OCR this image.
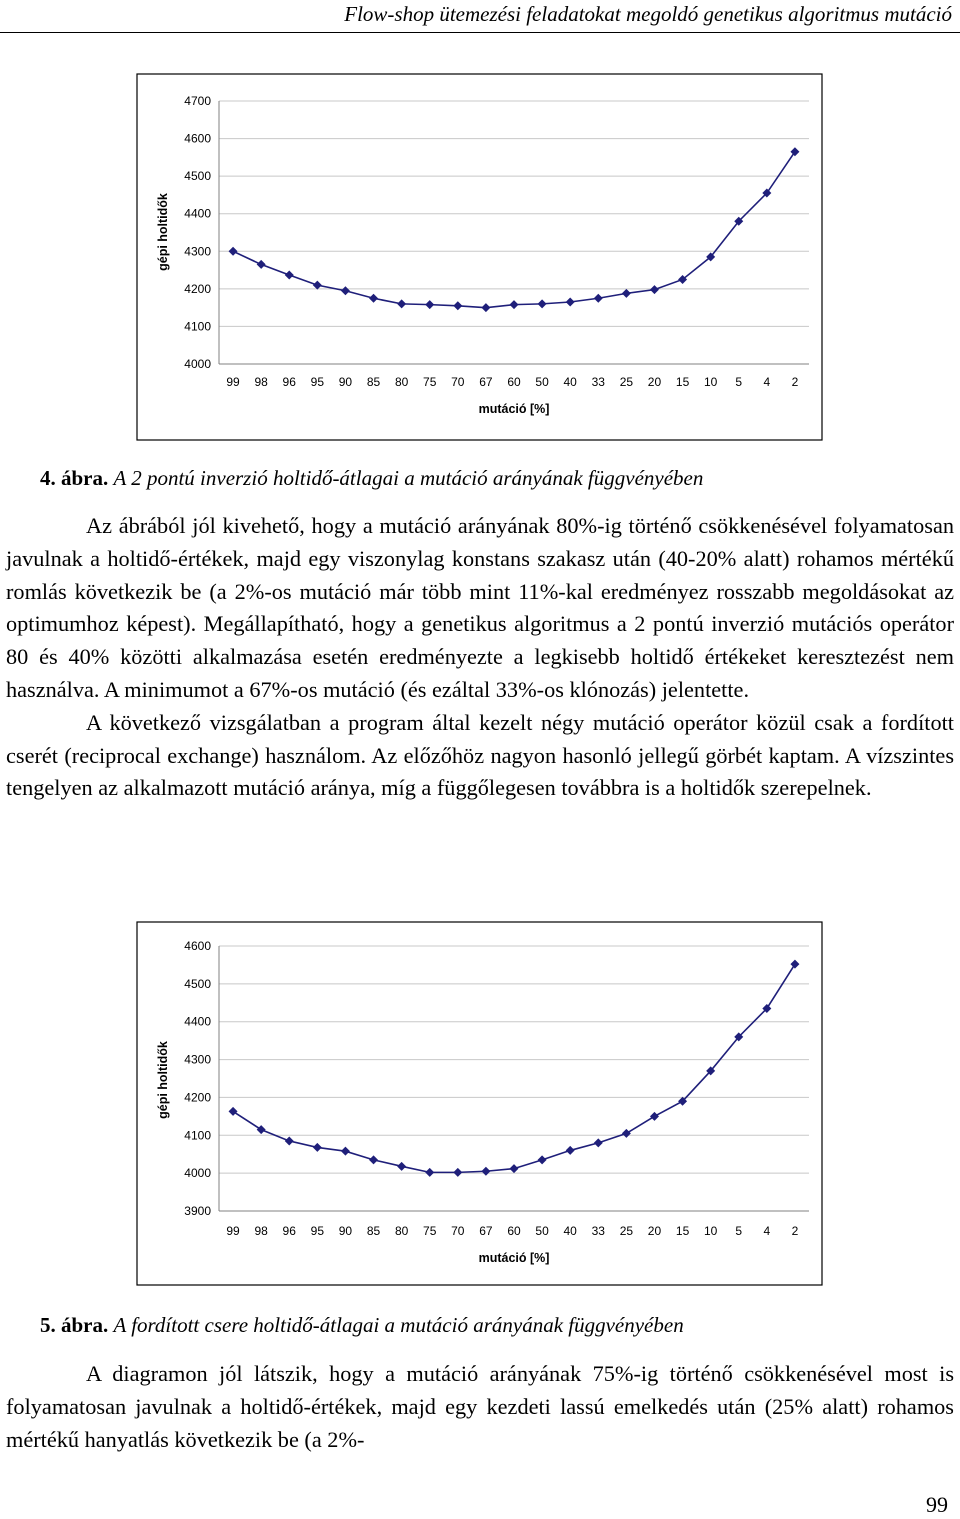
Flow-shop ütemezési feladatokat megoldó genetikus algoritmus mutáció
4000
4100
4200
4300
4400
4500
4600
4700
99 98 96 95 90 85 80 75 70 67 60 50 40 33 25 20 15 10 5 4 2
mutáció [%]
gépi holtidők
4. ábra. A 2 pontú inverzió holtidő-átlagai a mutáció arányának függvényében

Az ábrából jól kivehető, hogy a mutáció arányának 80%-ig történő csökkenésével folyamatosan javulnak a holtidő-értékek, majd egy viszonylag konstans szakasz után (40-20% alatt) rohamos mértékű romlás következik be (a 2%-os mutáció már több mint 11%-kal eredményez rosszabb megoldásokat az optimumhoz képest). Megállapítható, hogy a genetikus algoritmus a 2 pontú inverzió mutációs operátor 80 és 40% közötti alkalmazása esetén eredményezte a legkisebb holtidő értékeket keresztezést nem használva. A minimumot a 67%-os mutáció (és ezáltal 33%-os klónozás) jelentette.

A következő vizsgálatban a program által kezelt négy mutáció operátor közül csak a fordított cserét (reciprocal exchange) használom. Az előzőhöz nagyon hasonló jellegű görbét kaptam. A vízszintes tengelyen az alkalmazott mutáció aránya, míg a függőlegesen továbbra is a holtidők szerepelnek.

3900
4000
4100
4200
4300
4400
4500
4600
99 98 96 95 90 85 80 75 70 67 60 50 40 33 25 20 15 10 5 4 2
mutáció [%]
gépi holtidők
5. ábra. A fordított csere holtidő-átlagai a mutáció arányának függvényében

A diagramon jól látszik, hogy a mutáció arányának 75%-ig történő csökkenésével most is folyamatosan javulnak a holtidő-értékek, majd egy kezdeti lassú emelkedés után (25% alatt) rohamos mértékű hanyatlás következik be (a 2%-

99
